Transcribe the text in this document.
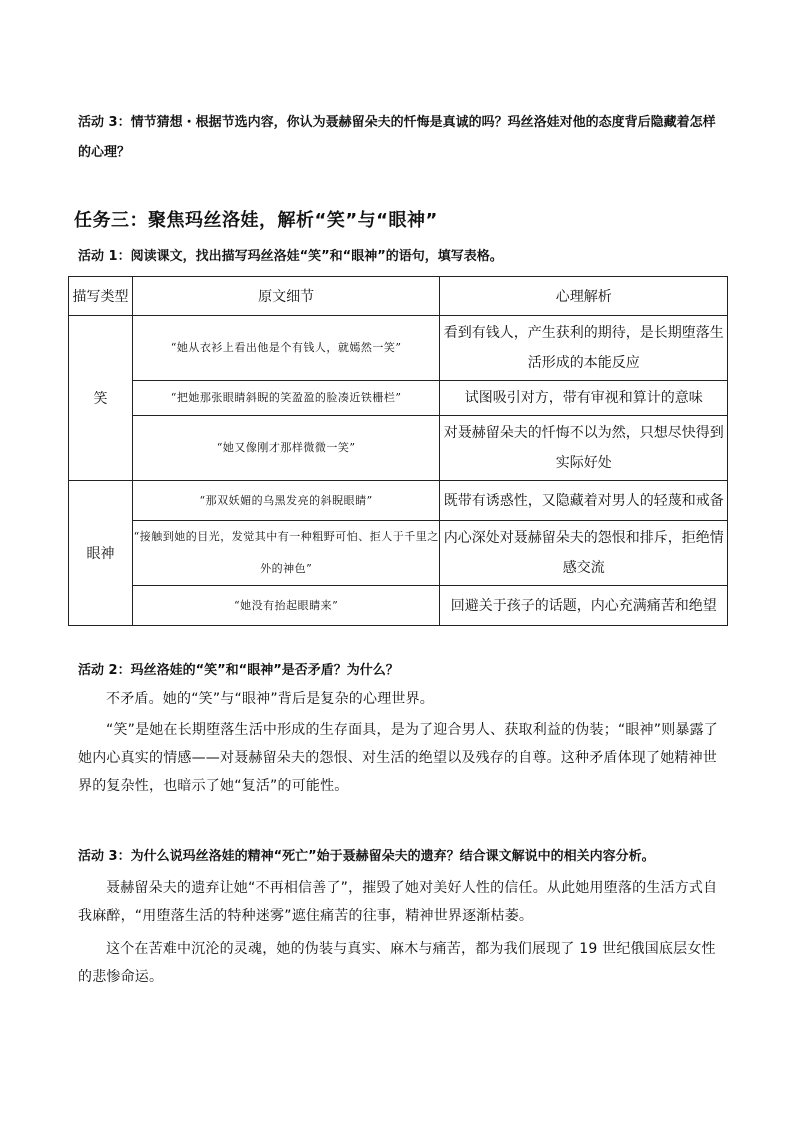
活动 3：情节猜想・根据节选内容，你认为聂赫留朵夫的忏悔是真诚的吗？玛丝洛娃对他的态度背后隐藏着怎样的心理？
任务三：聚焦玛丝洛娃，解析“笑”与“眼神”
活动 1：阅读课文，找出描写玛丝洛娃“笑”和“眼神”的语句，填写表格。
描写类型	原文细节	心理解析
笑	“她从衣衫上看出他是个有钱人，就嫣然一笑”	看到有钱人，产生获利的期待，是长期堕落生活形成的本能反应
	“把她那张眼睛斜睨的笑盈盈的脸凑近铁栅栏”	试图吸引对方，带有审视和算计的意味
	“她又像刚才那样微微一笑”	对聂赫留朵夫的忏悔不以为然，只想尽快得到实际好处
眼神	“那双妖媚的乌黑发亮的斜睨眼睛”	既带有诱惑性，又隐藏着对男人的轻蔑和戒备
	“接触到她的目光，发觉其中有一种粗野可怕、拒人于千里之外的神色”	内心深处对聂赫留朵夫的怨恨和排斥，拒绝情感交流
	“她没有抬起眼睛来”	回避关于孩子的话题，内心充满痛苦和绝望
活动 2：玛丝洛娃的“笑”和“眼神”是否矛盾？为什么？
不矛盾。她的“笑”与“眼神”背后是复杂的心理世界。
“笑”是她在长期堕落生活中形成的生存面具，是为了迎合男人、获取利益的伪装；“眼神”则暴露了她内心真实的情感——对聂赫留朵夫的怨恨、对生活的绝望以及残存的自尊。这种矛盾体现了她精神世界的复杂性，也暗示了她“复活”的可能性。
活动 3：为什么说玛丝洛娃的精神“死亡”始于聂赫留朵夫的遗弃？结合课文解说中的相关内容分析。
聂赫留朵夫的遗弃让她“不再相信善了”，摧毁了她对美好人性的信任。从此她用堕落的生活方式自我麻醉，“用堕落生活的特种迷雾”遮住痛苦的往事，精神世界逐渐枯萎。
这个在苦难中沉沦的灵魂，她的伪装与真实、麻木与痛苦，都为我们展现了 19 世纪俄国底层女性的悲惨命运。
